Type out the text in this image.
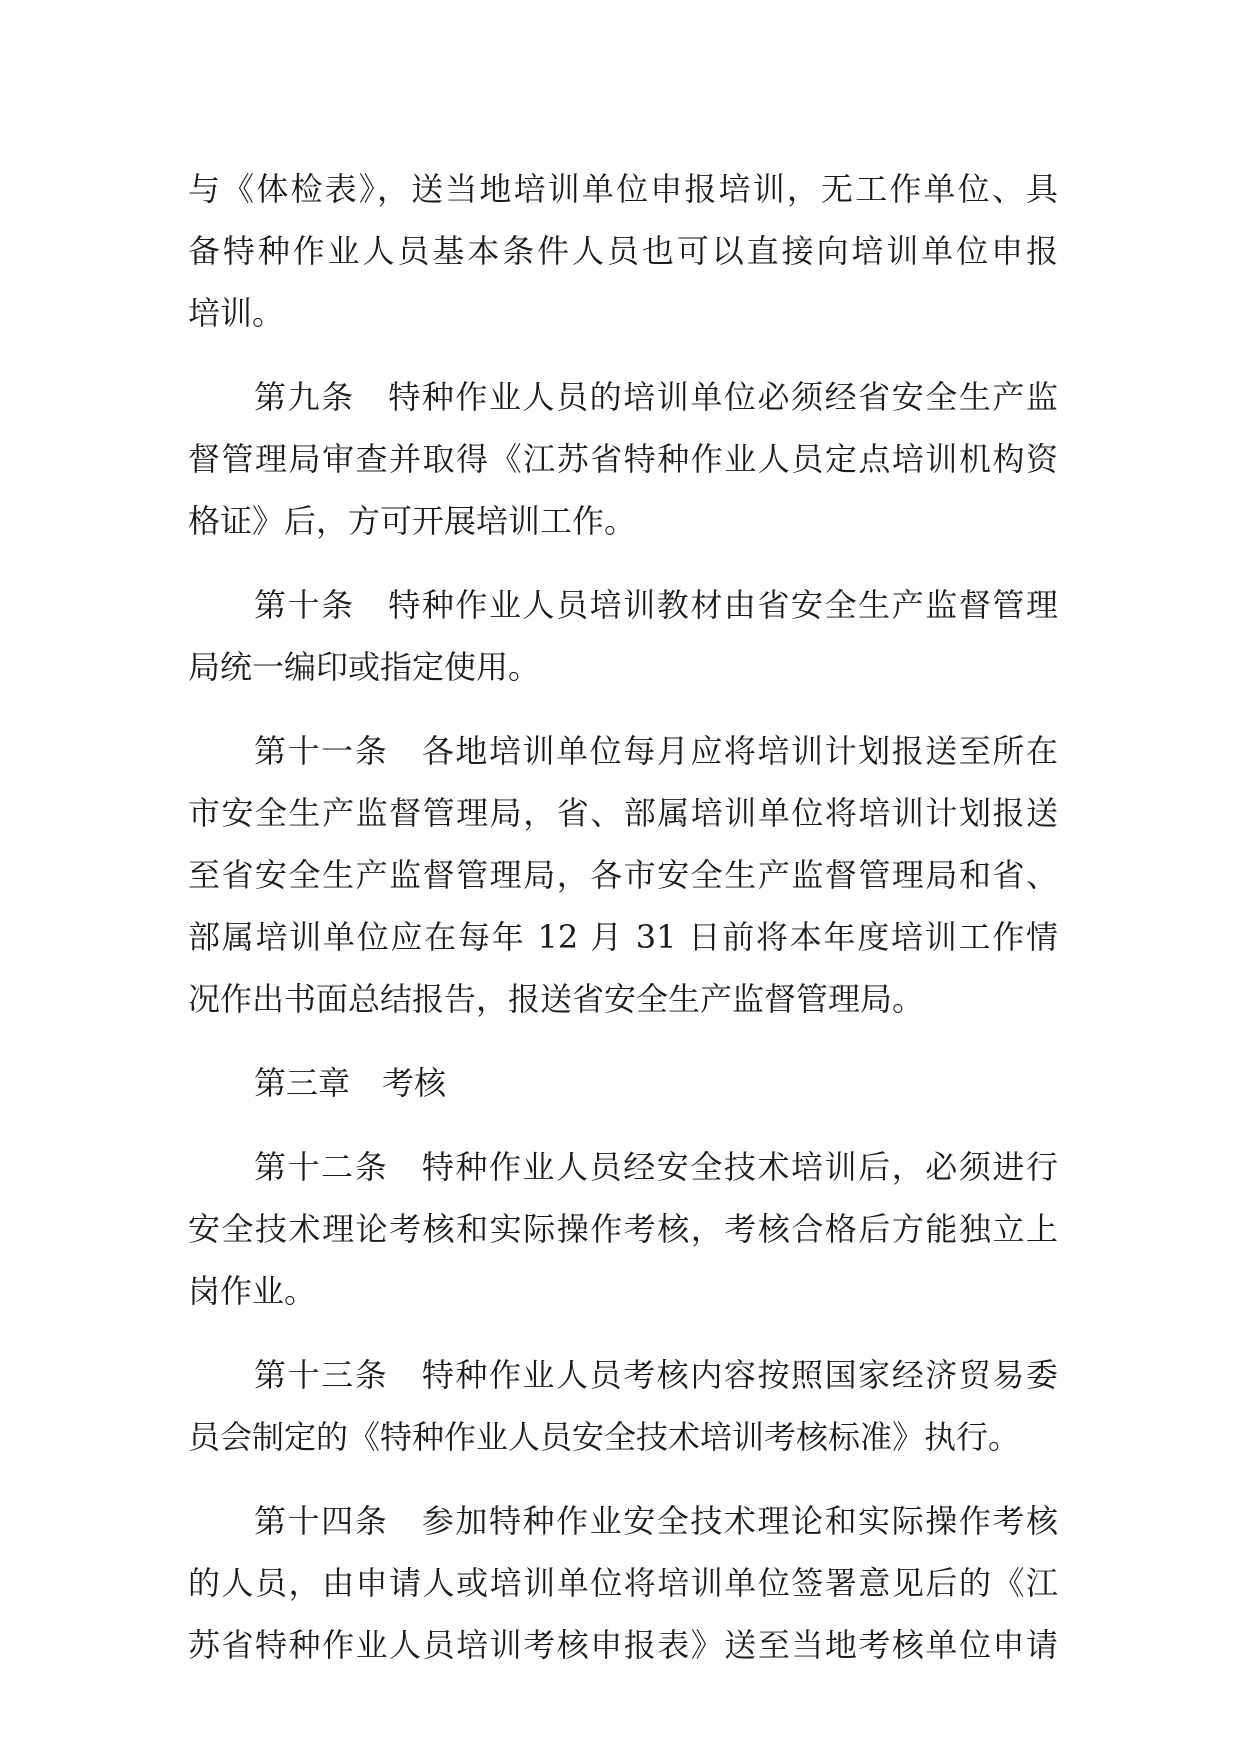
与《体检表》，送当地培训单位申报培训，无工作单位、具
备特种作业人员基本条件人员也可以直接向培训单位申报
培训。
第九条　特种作业人员的培训单位必须经省安全生产监
督管理局审查并取得《江苏省特种作业人员定点培训机构资
格证》后，方可开展培训工作。
第十条　特种作业人员培训教材由省安全生产监督管理
局统一编印或指定使用。
第十一条　各地培训单位每月应将培训计划报送至所在
市安全生产监督管理局，省、部属培训单位将培训计划报送
至省安全生产监督管理局，各市安全生产监督管理局和省、
部属培训单位应在每年 12 月 31 日前将本年度培训工作情
况作出书面总结报告，报送省安全生产监督管理局。
第三章　考核
第十二条　特种作业人员经安全技术培训后，必须进行
安全技术理论考核和实际操作考核，考核合格后方能独立上
岗作业。
第十三条　特种作业人员考核内容按照国家经济贸易委
员会制定的《特种作业人员安全技术培训考核标准》执行。
第十四条　参加特种作业安全技术理论和实际操作考核
的人员，由申请人或培训单位将培训单位签署意见后的《江
苏省特种作业人员培训考核申报表》送至当地考核单位申请
